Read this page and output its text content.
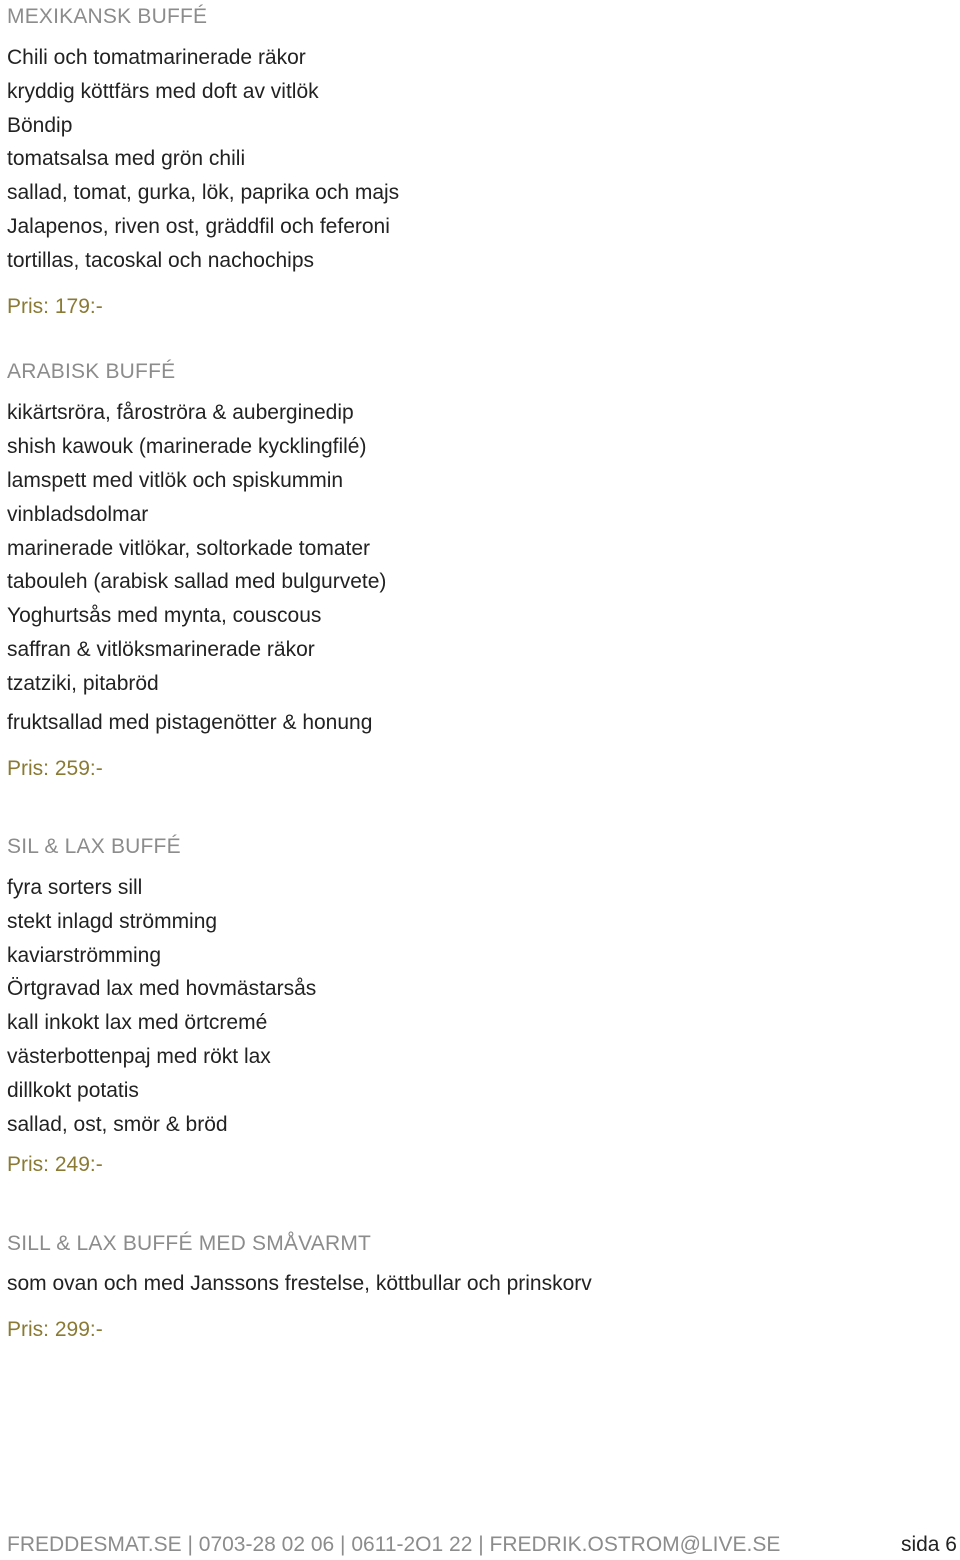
MEXIKANSK BUFFÉ
Chili och tomatmarinerade räkor
kryddig köttfärs med doft av vitlök
Böndip
tomatsalsa med grön chili
sallad, tomat, gurka, lök, paprika och majs
Jalapenos, riven ost, gräddfil och feferoni
tortillas, tacoskal och nachochips
Pris: 179:-
ARABISK BUFFÉ
kikärtsröra, fåroströra & auberginedip
shish kawouk (marinerade kycklingfilé)
lamspett med vitlök och spiskummin
vinbladsdolmar
marinerade vitlökar, soltorkade tomater
tabouleh (arabisk sallad med bulgurvete)
Yoghurtsås med mynta, couscous
saffran & vitlöksmarinerade räkor
tzatziki, pitabröd
fruktsallad med pistagenötter & honung
Pris: 259:-
SIL & LAX BUFFÉ
fyra sorters sill
stekt inlagd strömming
kaviarströmming
Örtgravad lax med hovmästarsås
kall inkokt lax med örtcremé
västerbottenpaj med rökt lax
dillkokt potatis
sallad, ost, smör & bröd
Pris: 249:-
SILL & LAX BUFFÉ MED SMÅVARMT
som ovan och med Janssons frestelse, köttbullar och prinskorv
Pris: 299:-
FREDDESMAT.SE | 0703-28 02 06 | 0611-2O1 22 | FREDRIK.OSTROM@LIVE.SE	sida 6
